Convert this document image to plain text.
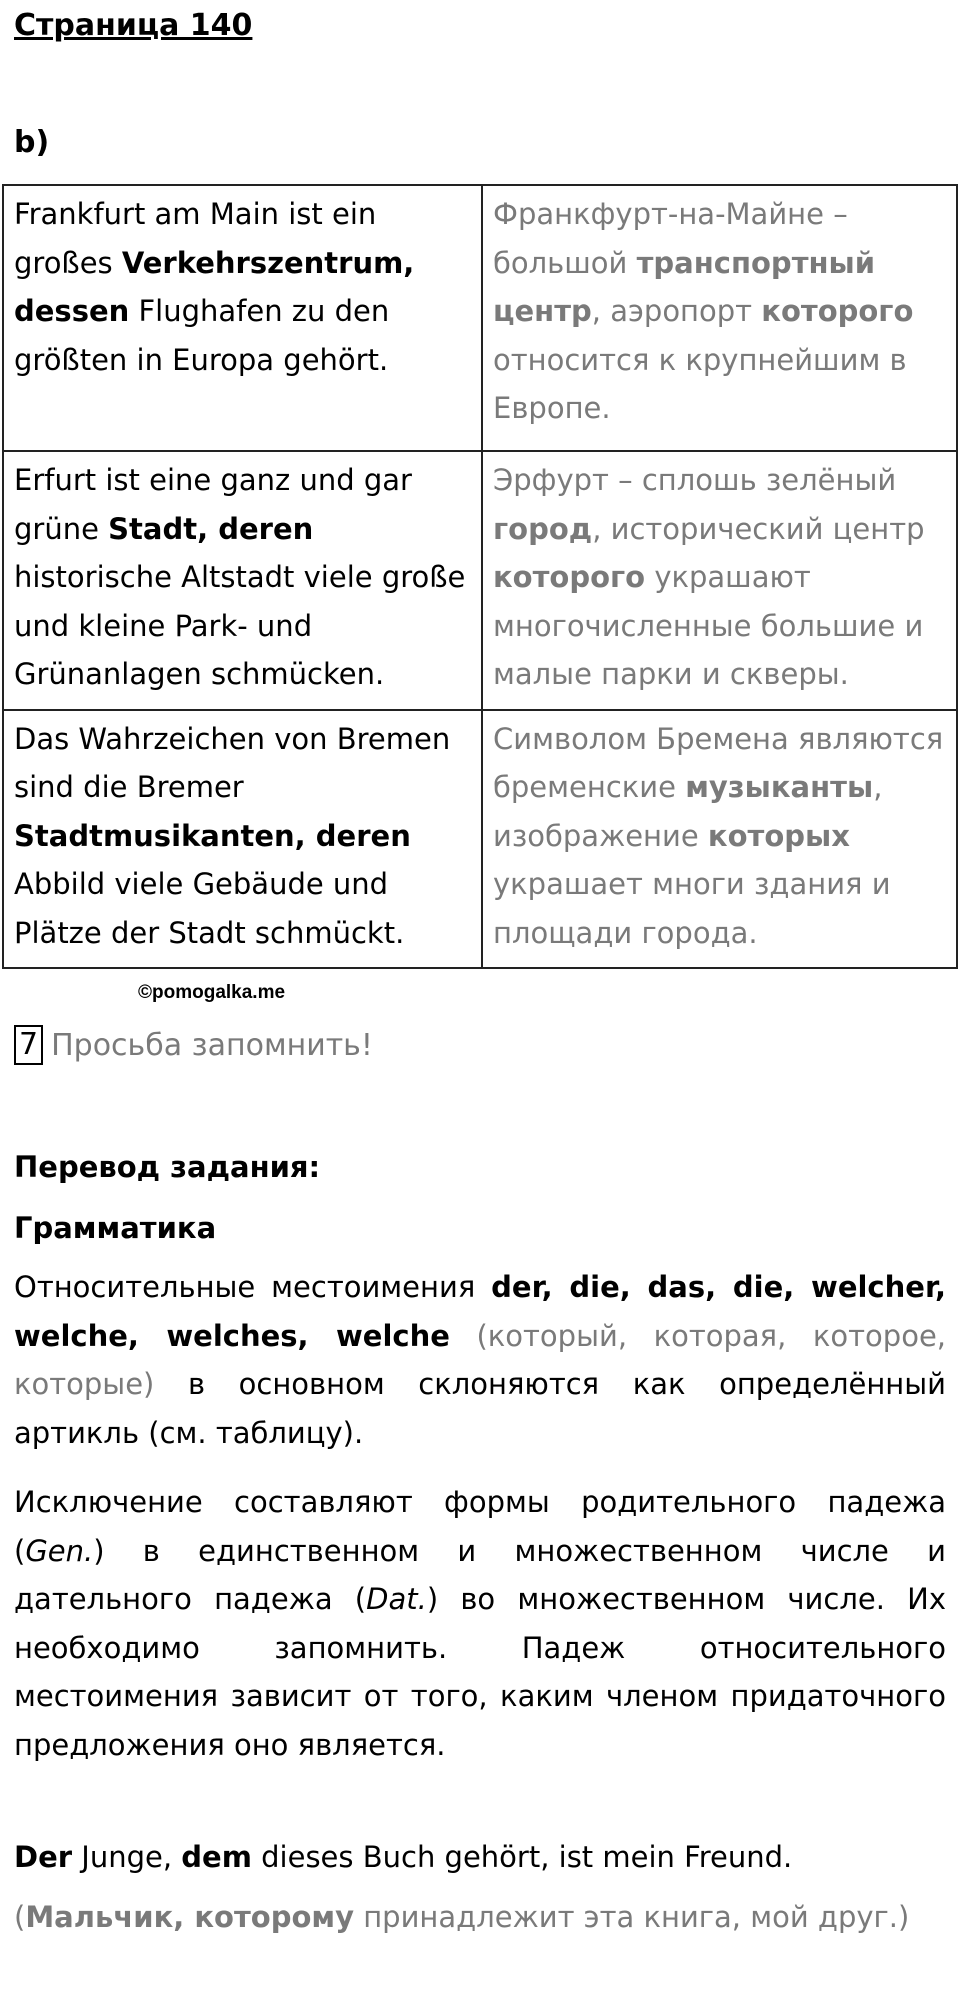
Страница 140
b)
Frankfurt am Main ist ein großes Verkehrszentrum, dessen Flughafen zu den größten in Europa gehört.	Франкфурт-на-Майне – большой транспортный центр, аэропорт которого относится к крупнейшим в Европе.
Erfurt ist eine ganz und gar grüne Stadt, deren historische Altstadt viele große und kleine Park- und Grünanlagen schmücken.	Эрфурт – сплошь зелёный город, исторический центр которого украшают многочисленные большие и малые парки и скверы.
Das Wahrzeichen von Bremen sind die Bremer Stadtmusikanten, deren Abbild viele Gebäude und Plätze der Stadt schmückt.	Символом Бремена являются бременские музыканты, изображение которых украшает многи здания и площади города.
©pomogalka.me
7 Просьба запомнить!
Перевод задания:
Грамматика
Относительные местоимения der, die, das, die, welcher, welche, welches, welche (который, которая, которое, которые) в основном склоняются как определённый артикль (см. таблицу).
Исключение составляют формы родительного падежа (Gen.) в единственном и множественном числе и дательного падежа (Dat.) во множественном числе. Их необходимо запомнить. Падеж относительного местоимения зависит от того, каким членом придаточного предложения оно является.
Der Junge, dem dieses Buch gehört, ist mein Freund.
(Мальчик, которому принадлежит эта книга, мой друг.)
